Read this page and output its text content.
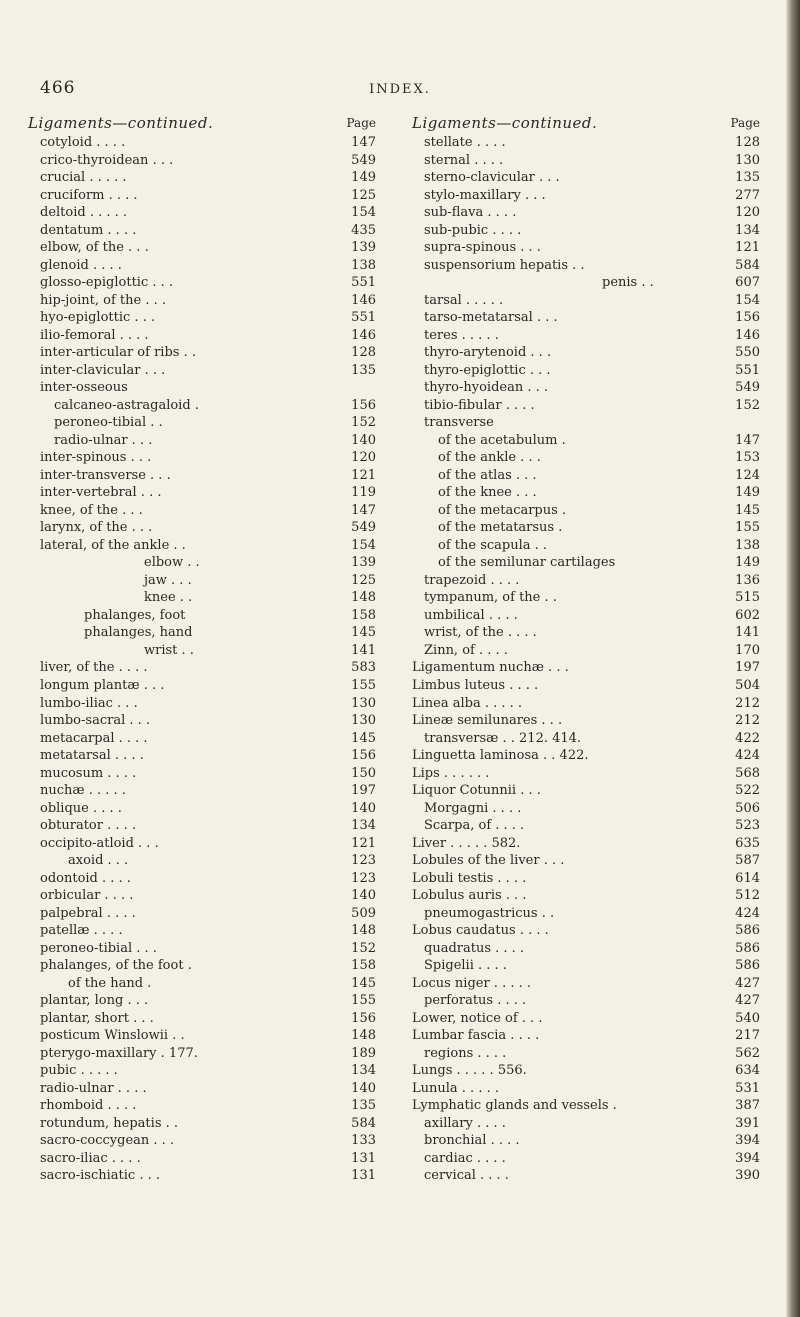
466	INDEX.
Ligaments—continued.	Page
cotyloid . . . .	147
crico-thyroidean . . .	549
crucial . . . . .	149
cruciform . . . .	125
deltoid . . . . .	154
dentatum . . . .	435
elbow, of the . . .	139
glenoid . . . .	138
glosso-epiglottic . . .	551
hip-joint, of the . . .	146
hyo-epiglottic . . .	551
ilio-femoral . . . .	146
inter-articular of ribs . .	128
inter-clavicular . . .	135
inter-osseous
calcaneo-astragaloid .	156
peroneo-tibial . .	152
radio-ulnar . . .	140
inter-spinous . . .	120
inter-transverse . . .	121
inter-vertebral . . .	119
knee, of the . . .	147
larynx, of the . . .	549
lateral, of the ankle . .	154
elbow . .	139
jaw . . .	125
knee . .	148
phalanges, foot	158
phalanges, hand	145
wrist . .	141
liver, of the . . . .	583
longum plantæ . . .	155
lumbo-iliac . . .	130
lumbo-sacral . . .	130
metacarpal . . . .	145
metatarsal . . . .	156
mucosum . . . .	150
nuchæ . . . . .	197
oblique . . . .	140
obturator . . . .	134
occipito-atloid . . .	121
axoid . . .	123
odontoid . . . .	123
orbicular . . . .	140
palpebral . . . .	509
patellæ . . . .	148
peroneo-tibial . . .	152
phalanges, of the foot .	158
of the hand .	145
plantar, long . . .	155
plantar, short . . .	156
posticum Winslowii . .	148
pterygo-maxillary . 177.	189
pubic . . . . .	134
radio-ulnar . . . .	140
rhomboid . . . .	135
rotundum, hepatis . .	584
sacro-coccygean . . .	133
sacro-iliac . . . .	131
sacro-ischiatic . . .	131
Ligaments—continued.	Page
stellate . . . .	128
sternal . . . .	130
sterno-clavicular . . .	135
stylo-maxillary . . .	277
sub-flava . . . .	120
sub-pubic . . . .	134
supra-spinous . . .	121
suspensorium hepatis . .	584
penis . .	607
tarsal . . . . .	154
tarso-metatarsal . . .	156
teres . . . . .	146
thyro-arytenoid . . .	550
thyro-epiglottic . . .	551
thyro-hyoidean . . .	549
tibio-fibular . . . .	152
transverse
of the acetabulum .	147
of the ankle . . .	153
of the atlas . . .	124
of the knee . . .	149
of the metacarpus .	145
of the metatarsus .	155
of the scapula . .	138
of the semilunar cartilages	149
trapezoid . . . .	136
tympanum, of the . .	515
umbilical . . . .	602
wrist, of the . . . .	141
Zinn, of . . . .	170
Ligamentum nuchæ . . .	197
Limbus luteus . . . .	504
Linea alba . . . . .	212
Lineæ semilunares . . .	212
transversæ . . 212. 414.	422
Linguetta laminosa . . 422.	424
Lips . . . . . .	568
Liquor Cotunnii . . .	522
Morgagni . . . .	506
Scarpa, of . . . .	523
Liver . . . . . 582.	635
Lobules of the liver . . .	587
Lobuli testis . . . .	614
Lobulus auris . . .	512
pneumogastricus . .	424
Lobus caudatus . . . .	586
quadratus . . . .	586
Spigelii . . . .	586
Locus niger . . . . .	427
perforatus . . . .	427
Lower, notice of . . .	540
Lumbar fascia . . . .	217
regions . . . .	562
Lungs . . . . . 556.	634
Lunula . . . . .	531
Lymphatic glands and vessels .	387
axillary . . . .	391
bronchial . . . .	394
cardiac . . . .	394
cervical . . . .	390
